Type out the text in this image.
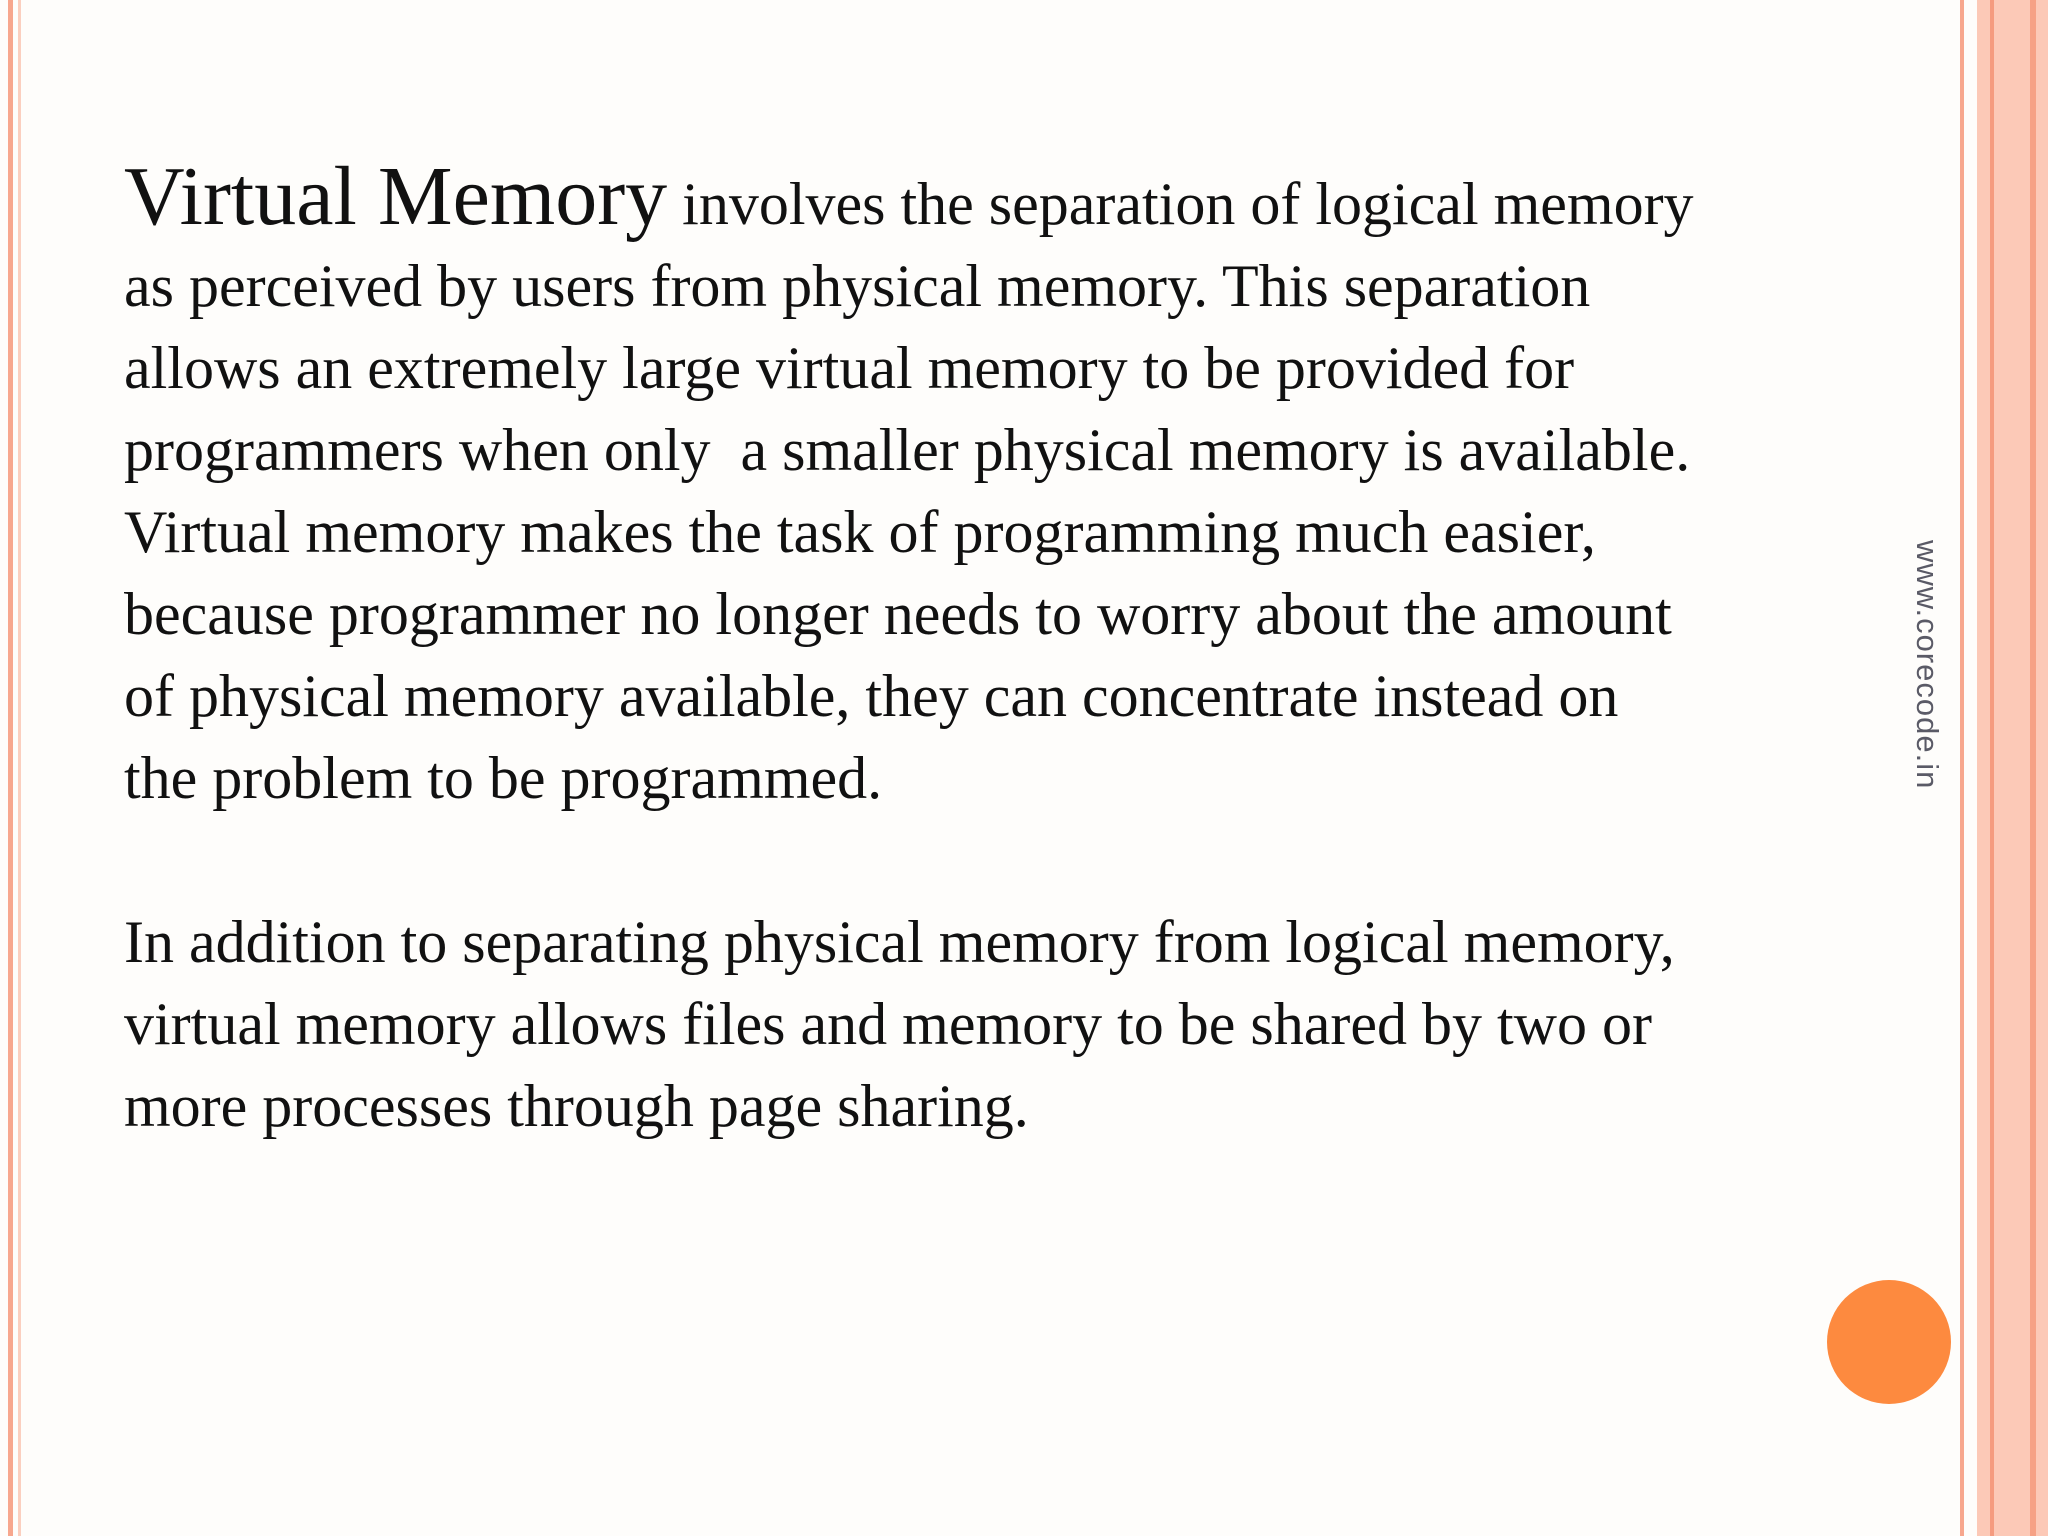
Virtual Memory involves the separation of logical memory
as perceived by users from physical memory. This separation
allows an extremely large virtual memory to be provided for
programmers when only  a smaller physical memory is available.
Virtual memory makes the task of programming much easier,
because programmer no longer needs to worry about the amount
of physical memory available, they can concentrate instead on
the problem to be programmed.

In addition to separating physical memory from logical memory,
virtual memory allows files and memory to be shared by two or
more processes through page sharing.

www.corecode.in
